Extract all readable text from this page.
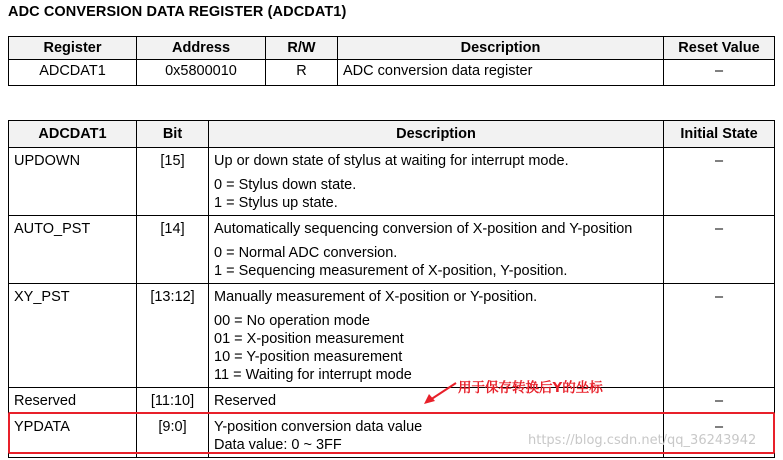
ADC CONVERSION DATA REGISTER (ADCDAT1)
Register	Address	R/W	Description	Reset Value
ADCDAT1	0x5800010	R	ADC conversion data register	–
ADCDAT1	Bit	Description	Initial State

UPDOWN	[15]	Up or down state of stylus at waiting for interrupt mode.
0 = Stylus down state.
1 = Stylus up state.	–

AUTO_PST	[14]	Automatically sequencing conversion of X-position and Y-position
0 = Normal ADC conversion.
1 = Sequencing measurement of X-position, Y-position.	–

XY_PST	[13:12]	Manually measurement of X-position or Y-position.
00 = No operation mode
01 = X-position measurement
10 = Y-position measurement
11 = Waiting for interrupt mode	–

Reserved	[11:10]	Reserved	–

YPDATA	[9:0]	Y-position conversion data value
Data value: 0 ~ 3FF	–
用于保存转换后Y的坐标
https://blog.csdn.net/qq_36243942
